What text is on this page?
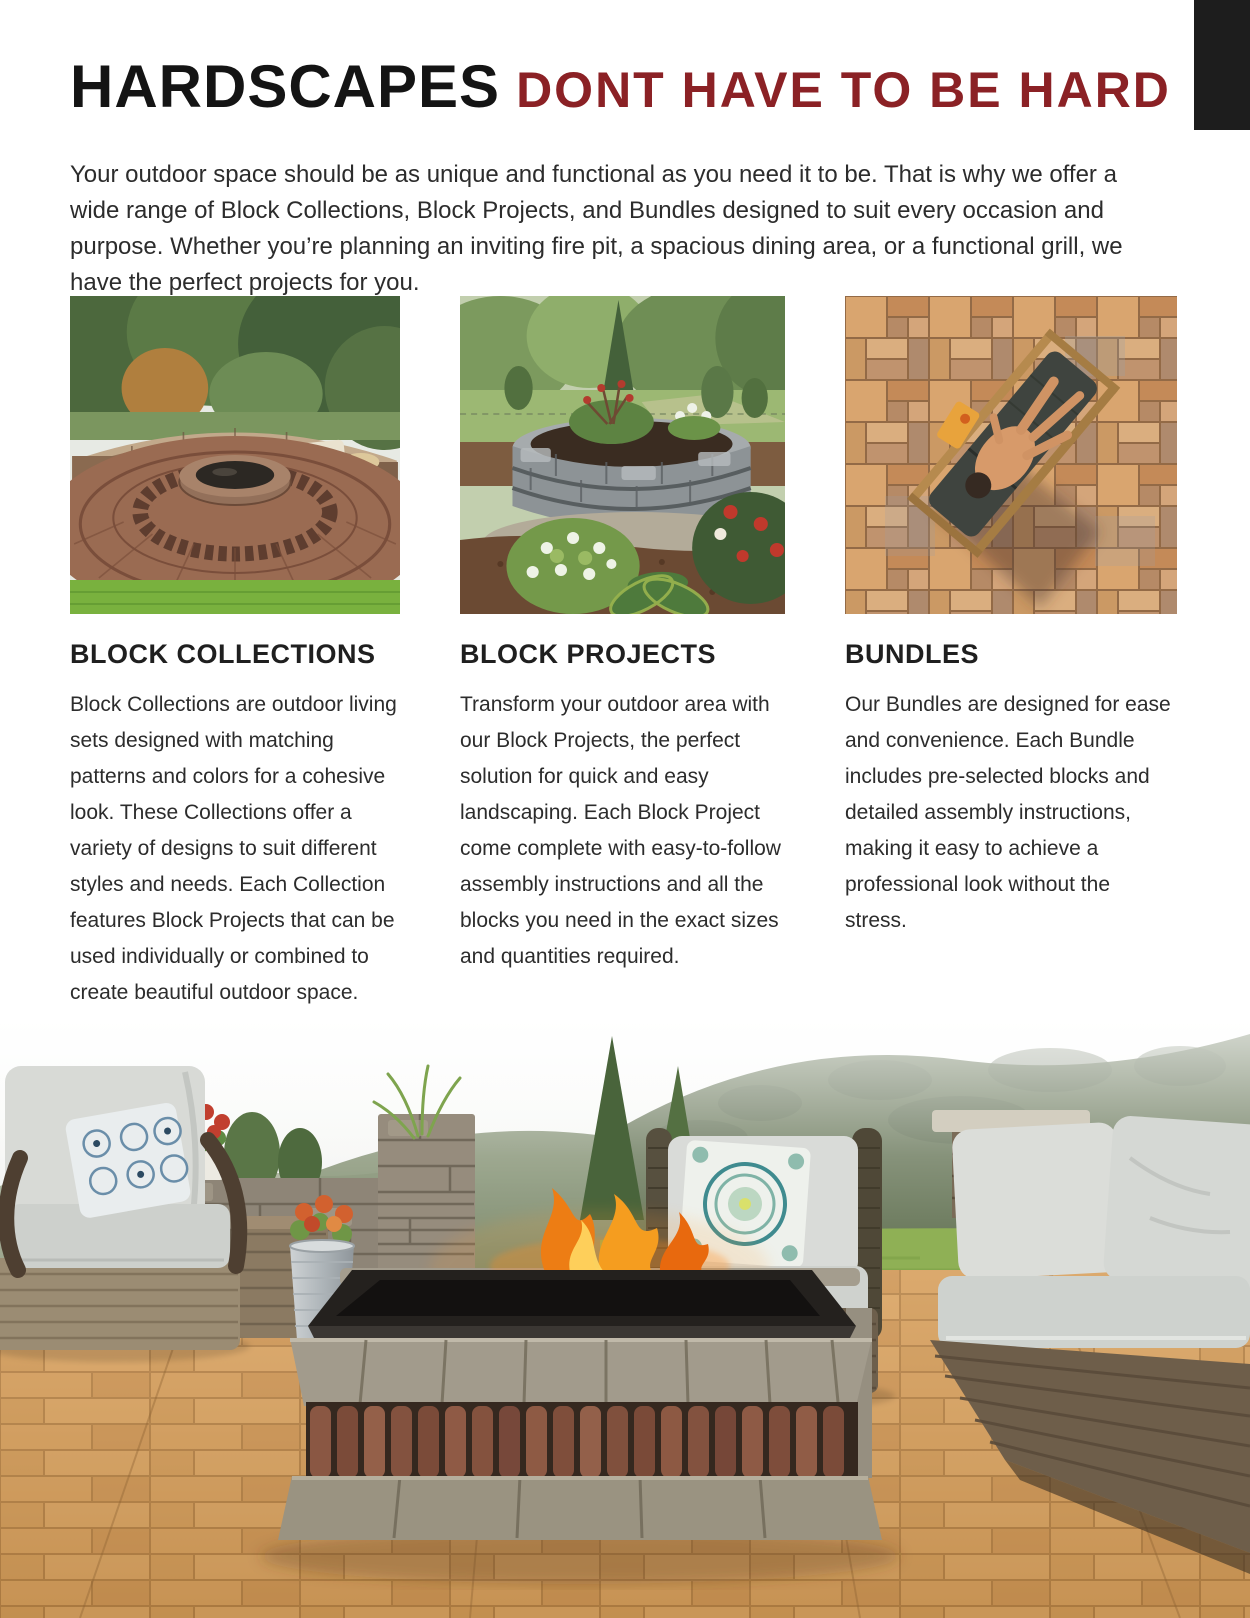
HARDSCAPES DONT HAVE TO BE HARD

Your outdoor space should be as unique and functional as you need it to be. That is why we offer a wide range of Block Collections, Block Projects, and Bundles designed to suit every occasion and purpose. Whether you’re planning an inviting fire pit, a spacious dining area, or a functional grill, we have the perfect projects for you.

BLOCK COLLECTIONS

Block Collections are outdoor living sets designed with matching patterns and colors for a cohesive look. These Collections offer a variety of designs to suit different styles and needs. Each Collection features Block Projects that can be used individually or combined to create beautiful outdoor space.

BLOCK PROJECTS

Transform your outdoor area with our Block Projects, the perfect solution for quick and easy landscaping. Each Block Project come complete with easy-to-follow assembly instructions and all the blocks you need in the exact sizes and quantities required.

BUNDLES

Our Bundles are designed for ease and convenience. Each Bundle includes pre-selected blocks and detailed assembly instructions, making it easy to achieve a professional look without the stress.
